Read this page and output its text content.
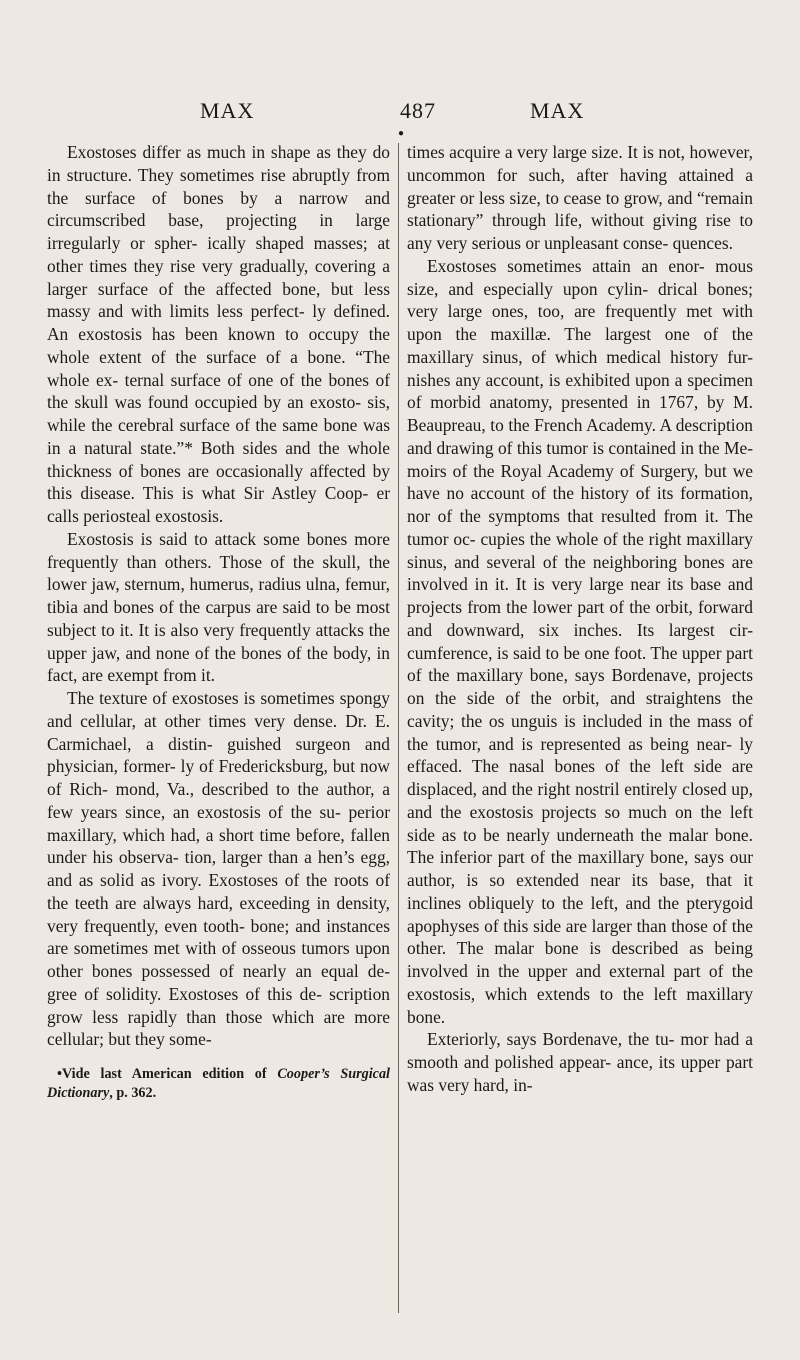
MAX	487	MAX
●

Exostoses differ as much in shape as they do in structure. They sometimes rise abruptly from the surface of bones by a narrow and circumscribed base, projecting in large irregularly or spher- ically shaped masses; at other times they rise very gradually, covering a larger surface of the affected bone, but less massy and with limits less perfect- ly defined. An exostosis has been known to occupy the whole extent of the surface of a bone. “The whole ex- ternal surface of one of the bones of the skull was found occupied by an exosto- sis, while the cerebral surface of the same bone was in a natural state.”* Both sides and the whole thickness of bones are occasionally affected by this disease. This is what Sir Astley Coop- er calls periosteal exostosis.

Exostosis is said to attack some bones more frequently than others. Those of the skull, the lower jaw, sternum, humerus, radius ulna, femur, tibia and bones of the carpus are said to be most subject to it. It is also very frequently attacks the upper jaw, and none of the bones of the body, in fact, are exempt from it.

The texture of exostoses is sometimes spongy and cellular, at other times very dense. Dr. E. Carmichael, a distin- guished surgeon and physician, former- ly of Fredericksburg, but now of Rich- mond, Va., described to the author, a few years since, an exostosis of the su- perior maxillary, which had, a short time before, fallen under his observa- tion, larger than a hen’s egg, and as solid as ivory. Exostoses of the roots of the teeth are always hard, exceeding in density, very frequently, even tooth- bone; and instances are sometimes met with of osseous tumors upon other bones possessed of nearly an equal de- gree of solidity. Exostoses of this de- scription grow less rapidly than those which are more cellular; but they some-

•Vide last American edition of Cooper’s Surgical Dictionary, p. 362.

times acquire a very large size. It is not, however, uncommon for such, after having attained a greater or less size, to cease to grow, and “remain stationary” through life, without giving rise to any very serious or unpleasant conse- quences.

Exostoses sometimes attain an enor- mous size, and especially upon cylin- drical bones; very large ones, too, are frequently met with upon the maxillæ. The largest one of the maxillary sinus, of which medical history fur- nishes any account, is exhibited upon a specimen of morbid anatomy, presented in 1767, by M. Beaupreau, to the French Academy. A description and drawing of this tumor is contained in the Me- moirs of the Royal Academy of Surgery, but we have no account of the history of its formation, nor of the symptoms that resulted from it. The tumor oc- cupies the whole of the right maxillary sinus, and several of the neighboring bones are involved in it. It is very large near its base and projects from the lower part of the orbit, forward and downward, six inches. Its largest cir- cumference, is said to be one foot. The upper part of the maxillary bone, says Bordenave, projects on the side of the orbit, and straightens the cavity; the os unguis is included in the mass of the tumor, and is represented as being near- ly effaced. The nasal bones of the left side are displaced, and the right nostril entirely closed up, and the exostosis projects so much on the left side as to be nearly underneath the malar bone. The inferior part of the maxillary bone, says our author, is so extended near its base, that it inclines obliquely to the left, and the pterygoid apophyses of this side are larger than those of the other. The malar bone is described as being involved in the upper and external part of the exostosis, which extends to the left maxillary bone.

Exteriorly, says Bordenave, the tu- mor had a smooth and polished appear- ance, its upper part was very hard, in-
